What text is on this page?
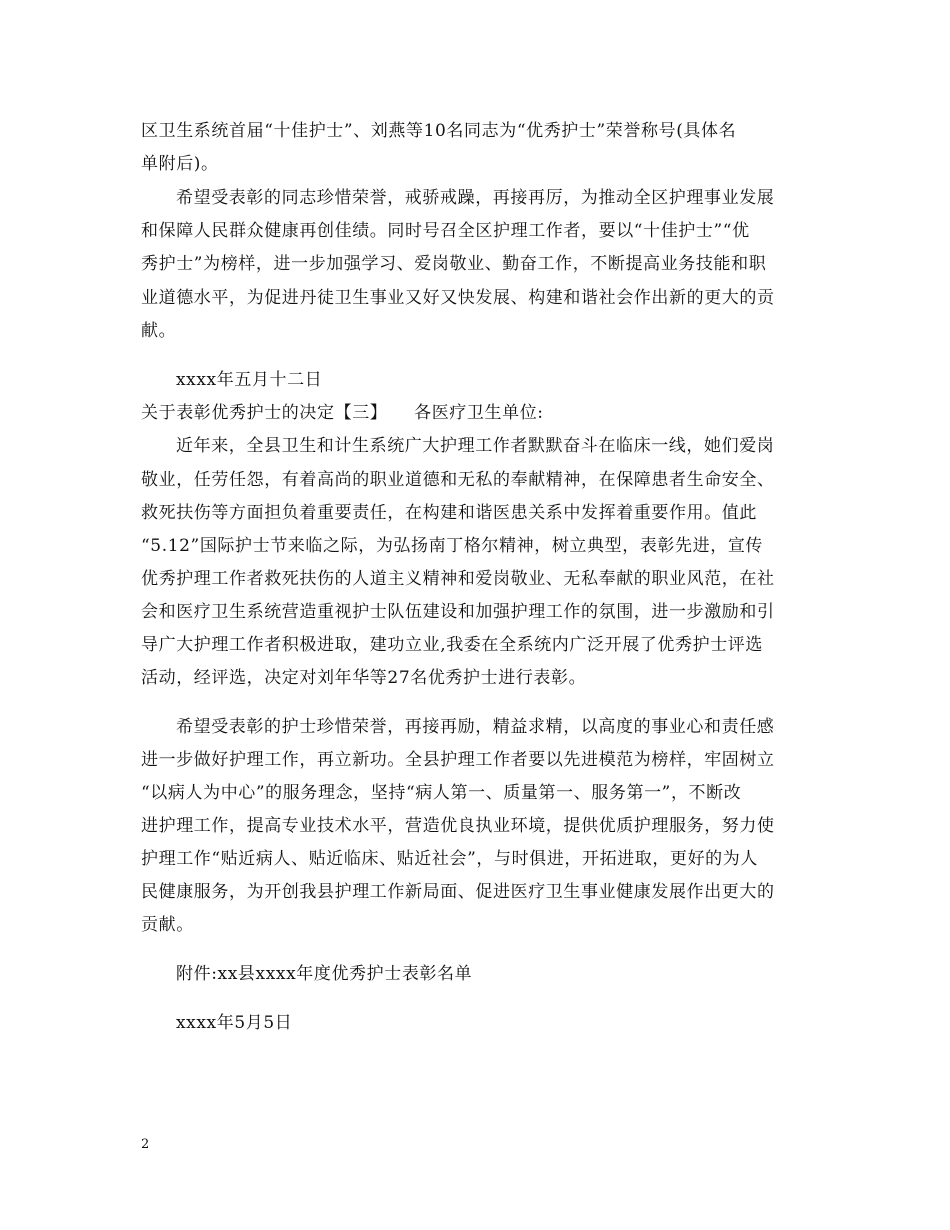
区卫生系统首届“十佳护士”、刘燕等10名同志为“优秀护士”荣誉称号(具体名
单附后)。
希望受表彰的同志珍惜荣誉，戒骄戒躁，再接再厉，为推动全区护理事业发展
和保障人民群众健康再创佳绩。同时号召全区护理工作者，要以“十佳护士”“优
秀护士”为榜样，进一步加强学习、爱岗敬业、勤奋工作，不断提高业务技能和职
业道德水平，为促进丹徒卫生事业又好又快发展、构建和谐社会作出新的更大的贡
献。
xxxx年五月十二日
关于表彰优秀护士的决定【三】　　各医疗卫生单位:
近年来，全县卫生和计生系统广大护理工作者默默奋斗在临床一线，她们爱岗
敬业，任劳任怨，有着高尚的职业道德和无私的奉献精神，在保障患者生命安全、
救死扶伤等方面担负着重要责任，在构建和谐医患关系中发挥着重要作用。值此
“5.12”国际护士节来临之际，为弘扬南丁格尔精神，树立典型，表彰先进，宣传
优秀护理工作者救死扶伤的人道主义精神和爱岗敬业、无私奉献的职业风范，在社
会和医疗卫生系统营造重视护士队伍建设和加强护理工作的氛围，进一步激励和引
导广大护理工作者积极进取，建功立业,我委在全系统内广泛开展了优秀护士评选
活动，经评选，决定对刘年华等27名优秀护士进行表彰。
希望受表彰的护士珍惜荣誉，再接再励，精益求精，以高度的事业心和责任感
进一步做好护理工作，再立新功。全县护理工作者要以先进模范为榜样，牢固树立
“以病人为中心”的服务理念，坚持“病人第一、质量第一、服务第一”，不断改
进护理工作，提高专业技术水平，营造优良执业环境，提供优质护理服务，努力使
护理工作“贴近病人、贴近临床、贴近社会”，与时俱进，开拓进取，更好的为人
民健康服务，为开创我县护理工作新局面、促进医疗卫生事业健康发展作出更大的
贡献。
附件:xx县xxxx年度优秀护士表彰名单
xxxx年5月5日
2
